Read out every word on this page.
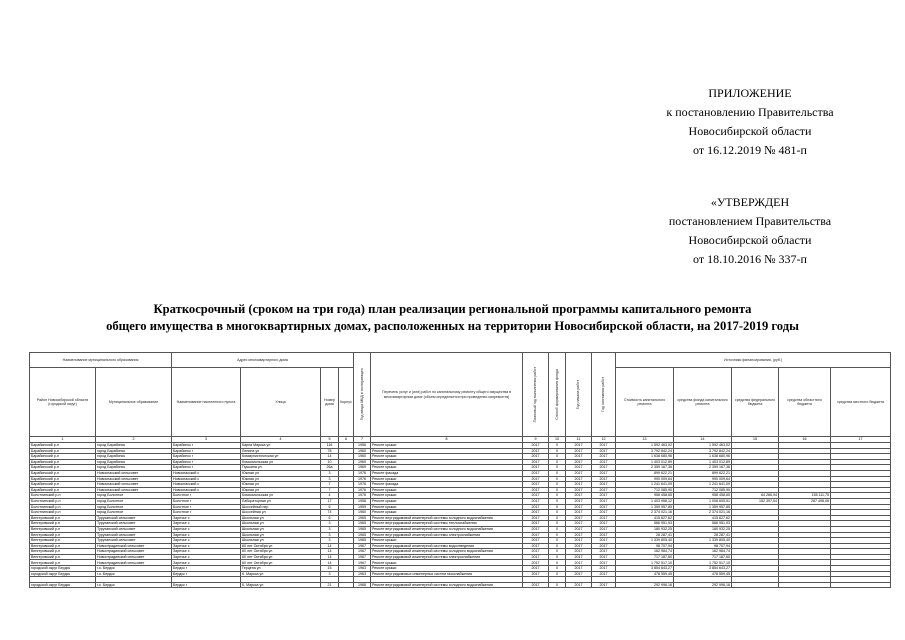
ПРИЛОЖЕНИЕ
к постановлению Правительства
Новосибирской области
от 16.12.2019 № 481-п
«УТВЕРЖДЕН
постановлением Правительства
Новосибирской области
от 18.10.2016 № 337-п
Краткосрочный (сроком на три года) план реализации региональной программы капитального ремонта
общего имущества в многоквартирных домах, расположенных на территории Новосибирской области, на 2017-2019 годы
Наименование муниципального образования		Адрес многоквартирного дома				Год ввода МКД в эксплуатацию	Перечень услуг и (или) работ по капитальному ремонту общего имущества в многоквартирном доме (объем определяется при проведении капремонта)	Плановый год выполнения работ	Способ формирования фонда	Год начала работ	Год окончания работ	Источники финансирования, (руб.)				
Район Новосибирской области (городской округ)	Муниципальное образование	Наименование населенного пункта	Улица	Номер дома	Корпус							Стоимость капитального ремонта	средства фонда капитального ремонта	средства федерального бюджета	средства областного бюджета	средства местного бюджета
1	2	3	4	5	6	7	8	9	10	11	12	13	14	15	16	17
Барабинский р-н	город Барабинск	Барабинск г	Карла Маркса ул	116		1956	Ремонт крыши	2017	0	2017	2017	1 592 463,02	1 592 463,02			
Барабинский р-н	город Барабинск	Барабинск г	Ленина ул	78		1960	Ремонт крыши	2017	0	2017	2017	3 792 842,24	3 792 842,24			
Барабинский р-н	город Барабинск	Барабинск г	Коммунистическая ул	14		1960	Ремонт крыши	2017	0	2017	2017	1 638 680,96	1 638 680,96			
Барабинский р-н	город Барабинск	Барабинск г	Комсомольская ул	10		1969	Ремонт крыши	2017	0	2017	2017	1 403 012,89	1 403 012,89			
Барабинский р-н	город Барабинск	Барабинск г	Пушкина ул	26а		1969	Ремонт крыши	2017	0	2017	2017	2 359 167,36	2 359 167,36			
Барабинский р-н	Новоспасский сельсовет	Новоспасский с	Южная ул	3		1976	Ремонт фасада	2017	0	2017	2017	899 622,21	899 622,21			
Барабинский р-н	Новоспасский сельсовет	Новоспасский с	Южная ул	3		1976	Ремонт крыши	2017	0	2017	2017	990 009,64	990 009,64			
Барабинский р-н	Новоспасский сельсовет	Новоспасский с	Южная ул	7		1976	Ремонт фасада	2017	0	2017	2017	1 241 641,09	1 241 641,09			
Барабинский р-н	Новоспасский сельсовет	Новоспасский с	Южная ул	7		1976	Ремонт крыши	2017	0	2017	2017	712 085,90	712 085,90			
Болотнинский р-н	город Болотное	Болотное г	Комсомольская ул	4		1976	Ремонт крыши	2017	0	2017	2017	958 458,65	958 458,65	64 266,94	155 111,75	
Болотнинский р-н	город Болотное	Болотное г	Лабораторная ул	17		1958	Ремонт крыши	2017	0	2017	2017	1 403 958,12	1 008 605,51	152 397,04	287 498,08	
Болотнинский р-н	город Болотное	Болотное г	Шоссейный пер	6		1959	Ремонт крыши	2017	0	2017	2017	1 359 957,85	1 359 957,85			
Болотнинский р-н	город Болотное	Болотное г	Шоссейная ул	74		1960	Ремонт крыши	2017	0	2017	2017	2 374 021,16	2 374 021,16			
Венгеровский р-н	Туруханский сельсовет	Заречье с	Школьная ул	6		1965	Ремонт внутридомовой инженерной системы холодного водоснабжения	2017	0	2017	2017	415 627,62	415 627,62			
Венгеровский р-н	Туруханский сельсовет	Заречье с	Школьная ул	3		1965	Ремонт внутридомовой инженерной системы теплоснабжения	2017	0	2017	2017	566 951,93	566 951,93			
Венгеровский р-н	Туруханский сельсовет	Заречье с	Школьная ул	3		1965	Ремонт внутридомовой инженерной системы холодного водоснабжения	2017	0	2017	2017	180 932,25	180 932,25			
Венгеровский р-н	Туруханский сельсовет	Заречье с	Школьная ул	3		1965	Ремонт внутридомовой инженерной системы электроснабжения	2017	0	2017	2017	28 287,41	28 287,41			
Венгеровский р-н	Туруханский сельсовет	Заречье с	Школьная ул	3		1965	Ремонт крыши	2017	0	2017	2017	1 339 805,40	1 339 805,40			
Венгеровский р-н	Новоотрадинский сельсовет	Заречье с	60 лет Октября ул	14		1967	Ремонт внутридомовой инженерной системы водоотведения	2017	0	2017	2017	98 707,94	98 707,94			
Венгеровский р-н	Новоотрадинский сельсовет	Заречье с	60 лет Октября ул	14		1967	Ремонт внутридомовой инженерной системы холодного водоснабжения	2017	0	2017	2017	162 984,74	162 984,74			
Венгеровский р-н	Новоотрадинский сельсовет	Заречье с	60 лет Октября ул	14		1967	Ремонт внутридомовой инженерной системы электроснабжения	2017	0	2017	2017	717 187,60	717 187,60			
Венгеровский р-н	Новоотрадинский сельсовет	Заречье с	60 лет Октября ул	14		1967	Ремонт крыши	2017	0	2017	2017	1 752 517,10	1 752 517,10			
городской округ Бердск	г.о. Бердск	Бердск г	Герцена ул	15		1963	Ремонт крыши	2017	0	2017	2017	3 854 643,27	3 854 643,27			
городской округ Бердск	г.о. Бердск	Бердск г	К. Маркса ул	3		1963	Ремонт внутридомовых инженерных систем газоснабжения	2017	0	2017	2017	478 559,45	478 559,45			

городской округ Бердск	г.о. Бердск	Бердск г	К. Маркса ул	21		1968	Ремонт внутридомовой инженерной системы холодного водоснабжения	2017	0	2017	2017	292 996,16	292 996,16			
